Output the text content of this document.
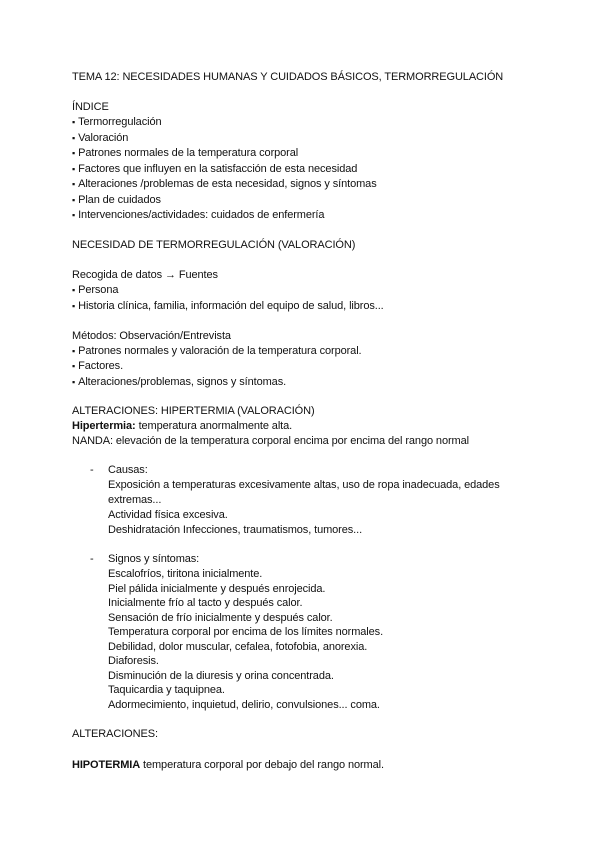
TEMA 12: NECESIDADES HUMANAS Y CUIDADOS BÁSICOS, TERMORREGULACIÓN
ÍNDICE
▪ Termorregulación
▪ Valoración
▪ Patrones normales de la temperatura corporal
▪ Factores que influyen en la satisfacción de esta necesidad
▪ Alteraciones /problemas de esta necesidad, signos y síntomas
▪ Plan de cuidados
▪ Intervenciones/actividades: cuidados de enfermería
NECESIDAD DE TERMORREGULACIÓN (VALORACIÓN)
Recogida de datos → Fuentes
▪ Persona
▪ Historia clínica, familia, información del equipo de salud, libros...
Métodos: Observación/Entrevista
▪ Patrones normales y valoración de la temperatura corporal.
▪ Factores.
▪ Alteraciones/problemas, signos y síntomas.
ALTERACIONES: HIPERTERMIA (VALORACIÓN)
Hipertermia: temperatura anormalmente alta.
NANDA: elevación de la temperatura corporal encima por encima del rango normal
- Causas:
Exposición a temperaturas excesivamente altas, uso de ropa inadecuada, edades
extremas...
Actividad física excesiva.
Deshidratación Infecciones, traumatismos, tumores...
- Signos y síntomas:
Escalofríos, tiritona inicialmente.
Piel pálida inicialmente y después enrojecida.
Inicialmente frío al tacto y después calor.
Sensación de frío inicialmente y después calor.
Temperatura corporal por encima de los límites normales.
Debilidad, dolor muscular, cefalea, fotofobia, anorexia.
Diaforesis.
Disminución de la diuresis y orina concentrada.
Taquicardia y taquipnea.
Adormecimiento, inquietud, delirio, convulsiones... coma.
ALTERACIONES:
HIPOTERMIA temperatura corporal por debajo del rango normal.
